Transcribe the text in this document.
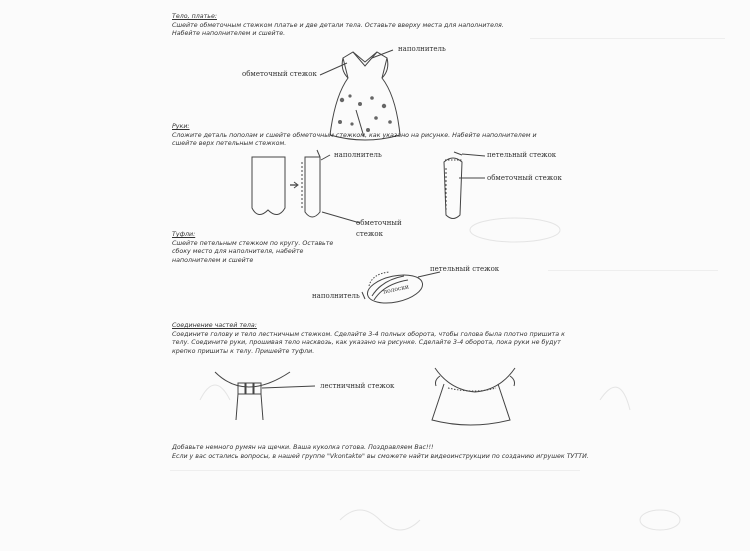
Тело, платье:
Сшейте обметочным стежком платье и две детали тела. Оставьте вверху места для наполнителя. Набейте наполнителем и сшейте.
наполнитель
обметочный стежок
Руки:
Сложите деталь пополам и сшейте обметочным стежком, как указано на рисунке. Набейте наполнителем и сшейте верх петельным стежком.
наполнитель
обметочный
стежок
петельный стежок
обметочный стежок
Туфли:
Сшейте петельным стежком по кругу. Оставьте сбоку место для наполнителя, набейте наполнителем и сшейте
петельный стежок
полоски
наполнитель
Соединение частей тела:
Соедините голову и тело лестничным стежком. Сделайте 3-4 полных оборота, чтобы голова была плотно пришита к телу. Соедините руки, прошивая тело насквозь, как указано на рисунке. Сделайте 3-4 оборота, пока руки не будут крепко пришиты к телу. Пришейте туфли.
лестничный стежок
Добавьте немного румян на щечки. Ваша куколка готова. Поздравляем Вас!!!
Если у вас остались вопросы, в нашей группе "Vkontakte" вы сможете найти видеоинструкции по созданию игрушек ТУТТИ.
